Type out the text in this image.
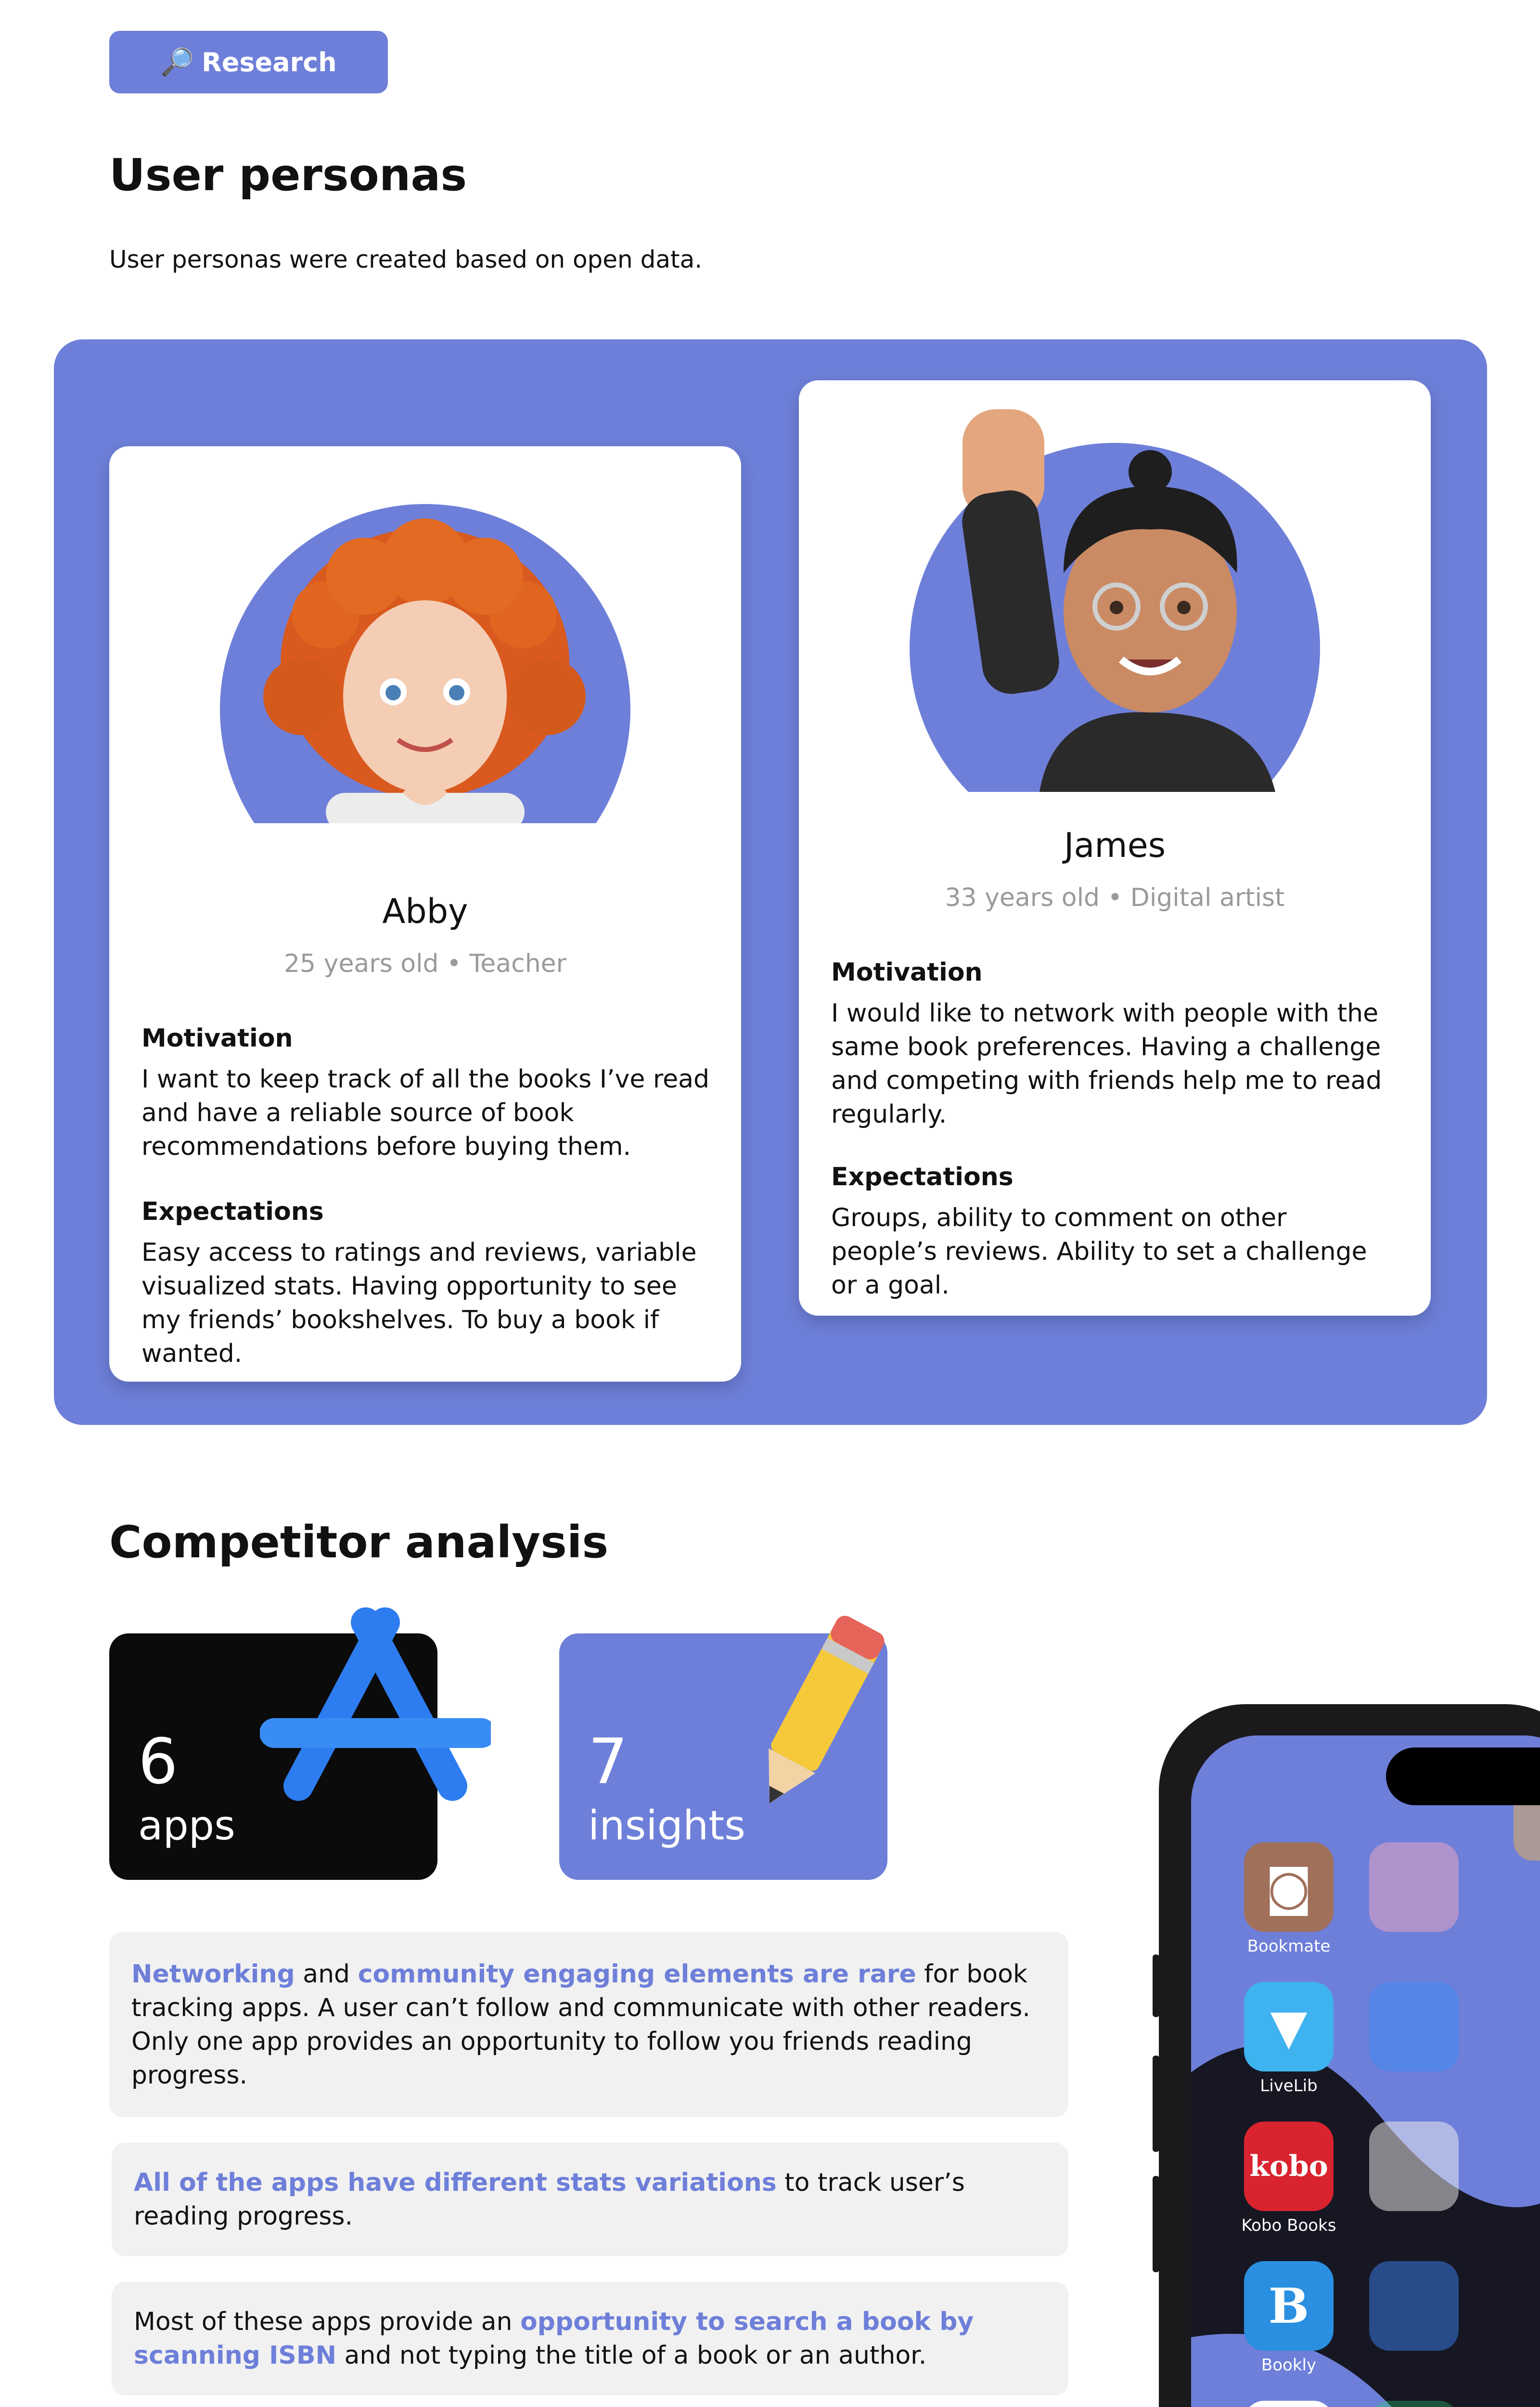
🔎 Research
User personas
User personas were created based on open data.
Abby
25 years old • Teacher
Motivation
I want to keep track of all the books I’ve read and have a reliable source of book recommendations before buying them.
Expectations
Easy access to ratings and reviews, variable visualized stats. Having opportunity to see my friends’ bookshelves. To buy a book if wanted.
James
33 years old • Digital artist
Motivation
I would like to network with people with the same book preferences. Having a challenge and competing with friends help me to read regularly.
Expectations
Groups, ability to comment on other people’s reviews. Ability to set a challenge or a goal.
Competitor analysis
6
apps
7
insights
Networking and community engaging elements are rare for book tracking apps. A user can’t follow and communicate with other readers. Only one app provides an opportunity to follow you friends reading progress.
All of the apps have different stats variations to track user’s reading progress.
Most of these apps provide an opportunity to search a book by scanning ISBN and not typing the title of a book or an author.
◙
Bookmate
▼
LiveLib
kobo
Kobo Books
B
Bookly
